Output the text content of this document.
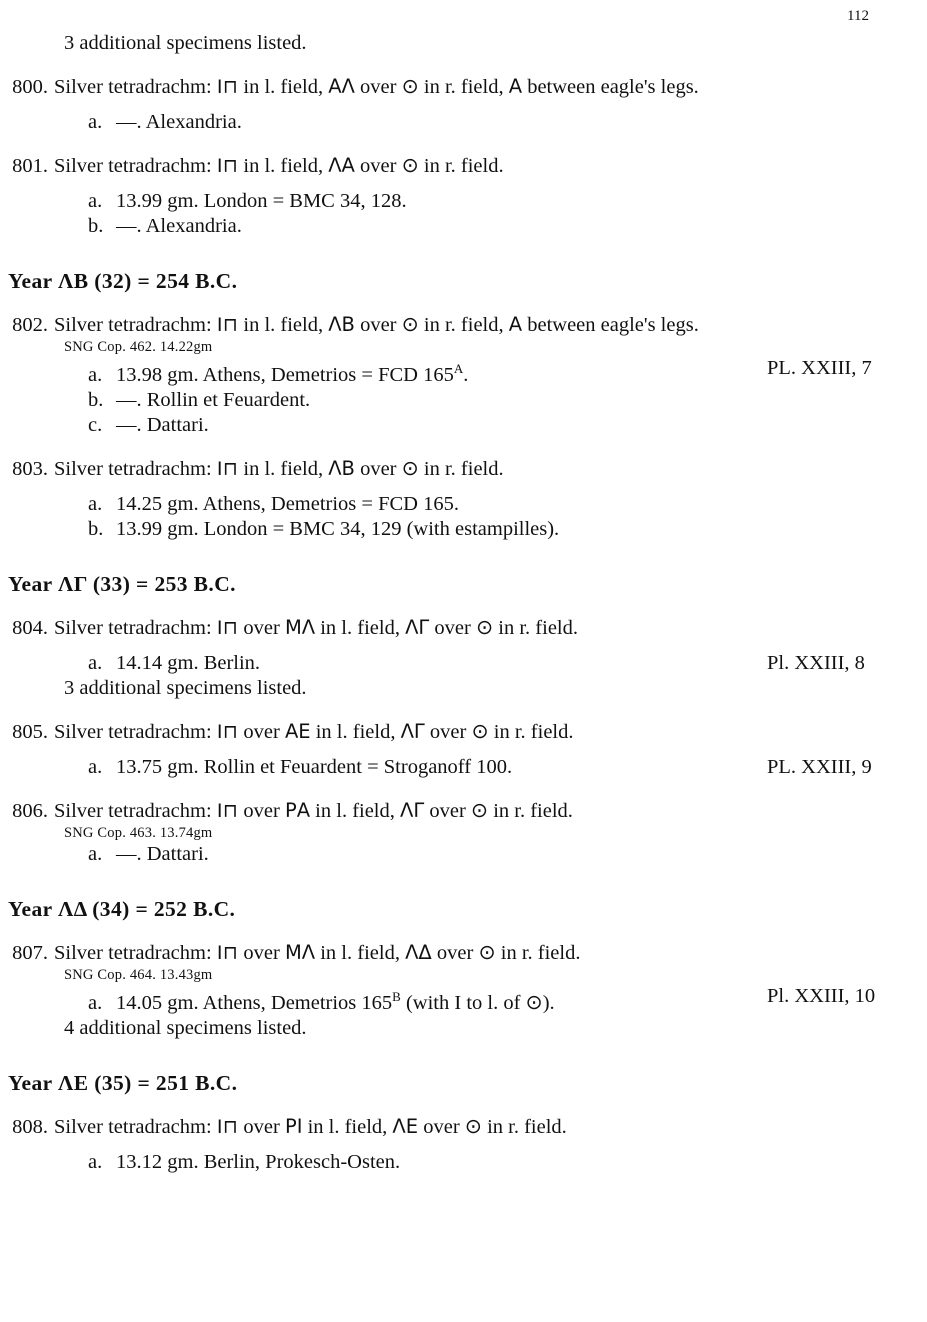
112
3 additional specimens listed.
800. Silver tetradrachm: I⊓ in l. field, ΑΛ over ⊙ in r. field, Α between eagle's legs.
a. —. Alexandria.
801. Silver tetradrachm: I⊓ in l. field, ΛΑ over ⊙ in r. field.
a. 13.99 gm. London = BMC 34, 128.
b. —. Alexandria.
Year ΛΒ (32) = 254 B.C.
802. Silver tetradrachm: I⊓ in l. field, ΛΒ over ⊙ in r. field, Α between eagle's legs.
SNG Cop. 462. 14.22gm
a. 13.98 gm. Athens, Demetrios = FCD $165^A$.	PL. XXIII, 7
b. —. Rollin et Feuardent.
c. —. Dattari.
803. Silver tetradrachm: I⊓ in l. field, ΛΒ over ⊙ in r. field.
a. 14.25 gm. Athens, Demetrios = FCD 165.
b. 13.99 gm. London = BMC 34, 129 (with estampilles).
Year ΛΓ (33) = 253 B.C.
804. Silver tetradrachm: I⊓ over ΜΛ in l. field, ΛΓ over ⊙ in r. field.
a. 14.14 gm. Berlin.	Pl. XXIII, 8
3 additional specimens listed.
805. Silver tetradrachm: I⊓ over ΑΕ in l. field, ΛΓ over ⊙ in r. field.
a. 13.75 gm. Rollin et Feuardent = Stroganoff 100.	PL. XXIII, 9
806. Silver tetradrachm: I⊓ over ΡΑ in l. field, ΛΓ over ⊙ in r. field.
SNG Cop. 463. 13.74gm
a. —. Dattari.
Year ΛΔ (34) = 252 B.C.
807. Silver tetradrachm: I⊓ over ΜΛ in l. field, ΛΔ over ⊙ in r. field.
SNG Cop. 464. 13.43gm
a. 14.05 gm. Athens, Demetrios $165^B$ (with I to l. of ⊙).	Pl. XXIII, 10
4 additional specimens listed.
Year ΛΕ (35) = 251 B.C.
808. Silver tetradrachm: I⊓ over ΡΙ in l. field, ΛΕ over ⊙ in r. field.
a. 13.12 gm. Berlin, Prokesch-Osten.
